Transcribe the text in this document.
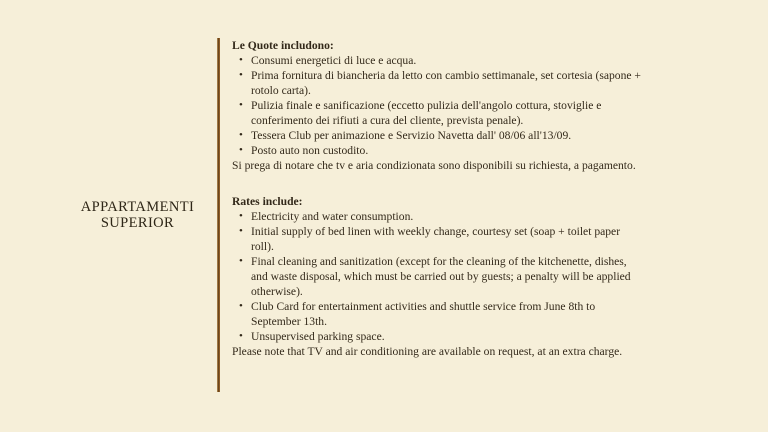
APPARTAMENTI
SUPERIOR

Le Quote includono:

• Consumi energetici di luce e acqua.
• Prima fornitura di biancheria da letto con cambio settimanale, set cortesia (sapone + rotolo carta).
• Pulizia finale e sanificazione (eccetto pulizia dell'angolo cottura, stoviglie e conferimento dei rifiuti a cura del cliente, prevista penale).
• Tessera Club per animazione e Servizio Navetta dall' 08/06 all'13/09.
• Posto auto non custodito.

Si prega di notare che tv e aria condizionata sono disponibili su richiesta, a pagamento.

Rates include:

• Electricity and water consumption.
• Initial supply of bed linen with weekly change, courtesy set (soap + toilet paper roll).
• Final cleaning and sanitization (except for the cleaning of the kitchenette, dishes, and waste disposal, which must be carried out by guests; a penalty will be applied otherwise).
• Club Card for entertainment activities and shuttle service from June 8th to September 13th.
• Unsupervised parking space.

Please note that TV and air conditioning are available on request, at an extra charge.
